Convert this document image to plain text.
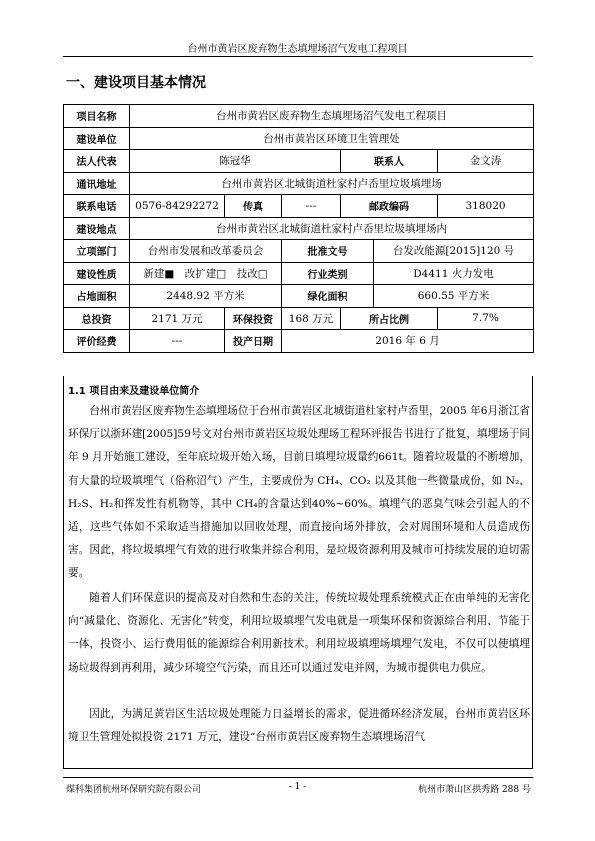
台州市黄岩区废弃物生态填埋场沼气发电工程项目
一、建设项目基本情况
项目名称	台州市黄岩区废弃物生态填埋场沼气发电工程项目					
建设单位	台州市黄岩区环境卫生管理处					
法人代表	陈冠华			联系人		金文涛
通讯地址	台州市黄岩区北城街道杜家村卢岙里垃圾填埋场					
联系电话	0576-84292272	传真	---	邮政编码		318020
建设地点	台州市黄岩区北城街道杜家村卢岙里垃圾填埋场内					
立项部门	台州市发展和改革委员会		批准文号		台发改能源[2015]120 号	
建设性质	新建■　改扩建□　技改□		行业类别		D4411 火力发电	
占地面积	2448.92 平方米		绿化面积		660.55 平方米	
总投资	2171 万元	环保投资	168 万元	所占比例		7.7%
评价经费	---	投产日期	2016 年 6 月			
1.1 项目由来及建设单位简介

台州市黄岩区废弃物生态填埋场位于台州市黄岩区北城街道杜家村卢岙里，2005 年6月浙江省环保厅以浙环建[2005]59号文对台州市黄岩区垃圾处理场工程环评报告书进行了批复，填埋场于同年 9 月开始施工建设，至年底垃圾开始入场，目前日填埋垃圾量约661t。随着垃圾量的不断增加，有大量的垃圾填埋气（俗称沼气）产生，主要成份为 CH₄、CO₂ 以及其他一些微量成份，如 N₂、H₂S、H₂和挥发性有机物等，其中 CH₄的含量达到40%~60%。填埋气的恶臭气味会引起人的不适，这些气体如不采取适当措施加以回收处理，而直接向场外排放，会对周围环境和人员造成伤害。因此，将垃圾填埋气有效的进行收集并综合利用，是垃圾资源利用及城市可持续发展的迫切需要。

随着人们环保意识的提高及对自然和生态的关注，传统垃圾处理系统模式正在由单纯的无害化向“减量化、资源化、无害化”转变，利用垃圾填埋气发电就是一项集环保和资源综合利用、节能于一体，投资小、运行费用低的能源综合利用新技术。利用垃圾填埋场填埋气发电，不仅可以使填埋场垃圾得到再利用，减少环境空气污染，而且还可以通过发电并网，为城市提供电力供应。

因此，为满足黄岩区生活垃圾处理能力日益增长的需求，促进循环经济发展，台州市黄岩区环境卫生管理处拟投资 2171 万元，建设“台州市黄岩区废弃物生态填埋场沼气

煤科集团杭州环保研究院有限公司	- 1 -	杭州市萧山区拱秀路 288 号
